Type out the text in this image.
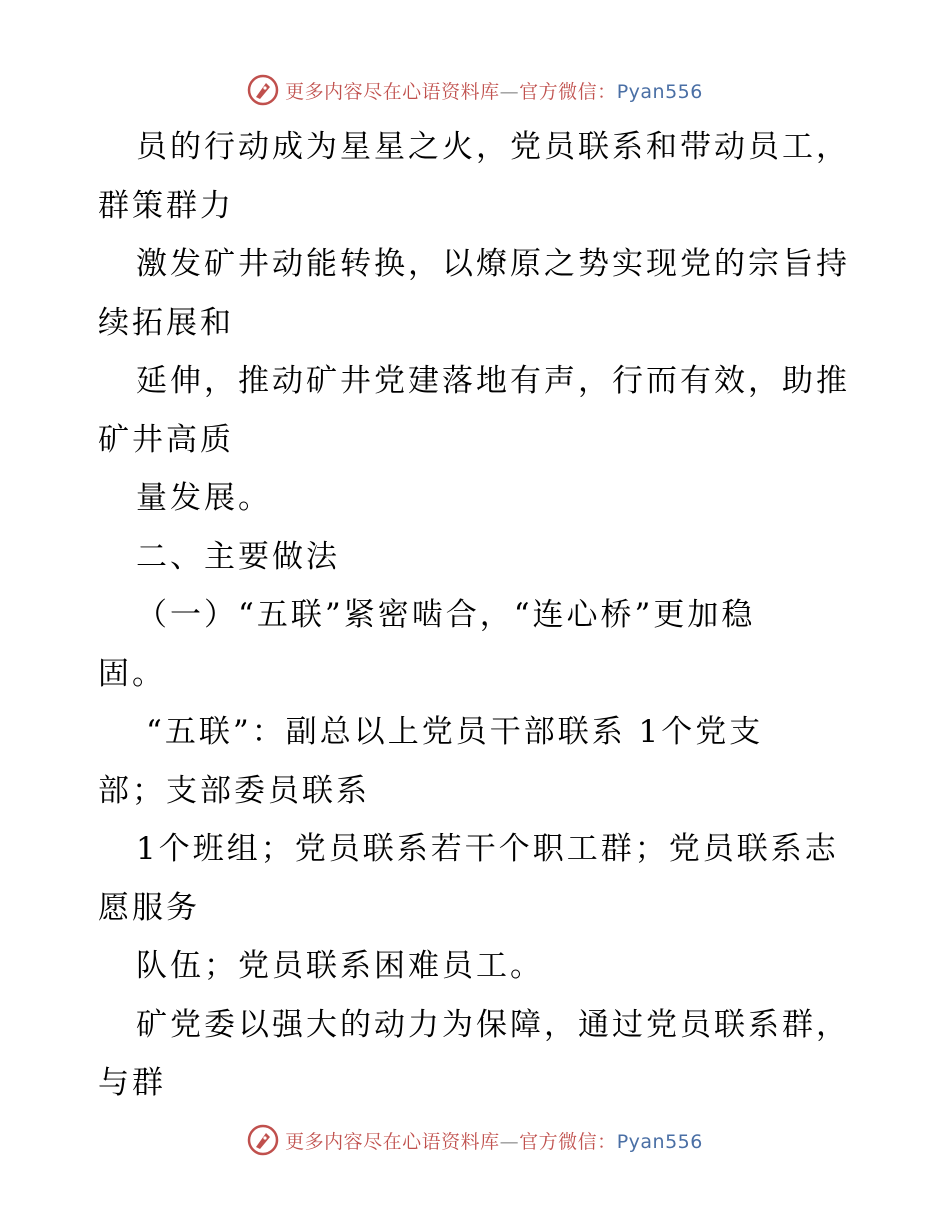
更多内容尽在心语资料库—官方微信：Pyan556
员的行动成为星星之火，党员联系和带动员工，
群策群力
激发矿井动能转换，以燎原之势实现党的宗旨持
续拓展和
延伸，推动矿井党建落地有声，行而有效，助推
矿井高质
量发展。
二、主要做法
（一）“五联”紧密啮合，“连心桥”更加稳
固。
“五联”：副总以上党员干部联系 1个党支
部；支部委员联系
1个班组；党员联系若干个职工群；党员联系志
愿服务
队伍；党员联系困难员工。
矿党委以强大的动力为保障，通过党员联系群，
与群
更多内容尽在心语资料库—官方微信：Pyan556
